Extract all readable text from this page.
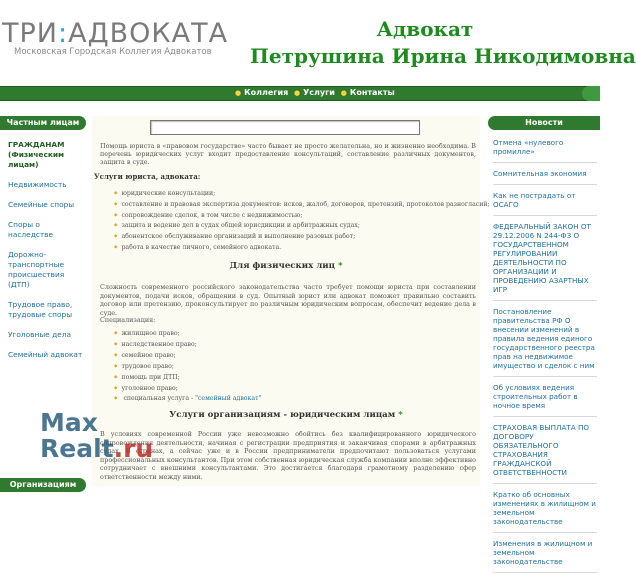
ТРИ:АДВОКАТА
Московская Городская Коллегия Адвокатов
Адвокат
Петрушина Ирина Никодимовна
● Коллегия ● Услуги ● Контакты
Частным лицам
ГРАЖДАНАМ (Физическим лицам)
Недвижимость
Семейные споры
Споры о наследстве
Дорожно-транспортные происшествия (ДТП)
Трудовое право, трудовые споры
Уголовные дела
Семейный адвокат
Организациям
Новости
Отмена «нулевого промилле»
Сомнительная экономия
Как не пострадать от ОСАГО
ФЕДЕРАЛЬНЫЙ ЗАКОН ОТ 29.12.2006 N 244-ФЗ О ГОСУДАРСТВЕННОМ РЕГУЛИРОВАНИИ ДЕЯТЕЛЬНОСТИ ПО ОРГАНИЗАЦИИ И ПРОВЕДЕНИЮ АЗАРТНЫХ ИГР
Постановление правительства РФ О внесении изменений в правила ведения единого государственного реестра прав на недвижимое имущество и сделок с ним
Об условиях ведения строительных работ в ночное время
СТРАХОВАЯ ВЫПЛАТА ПО ДОГОВОРУ ОБЯЗАТЕЛЬНОГО СТРАХОВАНИЯ ГРАЖДАНСКОЙ ОТВЕТСТВЕННОСТИ
Кратко об основных изменениях в жилищном и земельном законодательстве
Изменения в жилищном и земельном законодательстве
Помощь юриста в «правовом государстве» часто бывает не просто желательна, но и жизненно необходима. В перечень юридических услуг входит предоставление консультаций, составление различных документов, защита в суде.
Услуги юриста, адвоката:
◆ юридические консультации;
◆ составление и правовая экспертиза документов: исков, жалоб, договоров, претензий, протоколов разногласий;
◆ сопровождение сделок, в том числе с недвижимостью;
◆ защита и ведение дел в судах общей юрисдикции и арбитражных судах;
◆ абонентское обслуживание организаций и выполнение разовых работ;
◆ работа в качестве личного, семейного адвоката.
Для физических лиц *
Сложность современного российского законодательства часто требует помощи юриста при составлении документов, подачи исков, обращении в суд. Опытный юрист или адвокат поможет правильно составить договор или претензию, проконсультирует по различным юридическим вопросам, обеспечит ведение дела в суде.
Специализация:
◆ жилищное право;
◆ наследственное право;
◆ семейное право;
◆ трудовое право;
◆ помощь при ДТП;
◆ уголовное право;
◆ специальная услуга - "семейный адвокат"
Услуги организациям - юридическим лицам *
В условиях современной России уже невозможно обойтись без квалифицированного юридического сопровождения деятельности, начиная с регистрации предприятия и заканчивая спорами в арбитражных судах. В странах, а сейчас уже и в России предприниматели предпочитают пользоваться услугами профессиональных консультантов. При этом собственная юридическая служба компании вполне эффективно сотрудничает с внешними консультантами. Это достигается благодаря грамотному разделению сфер ответственности между ними.
Max
Realt.ru
